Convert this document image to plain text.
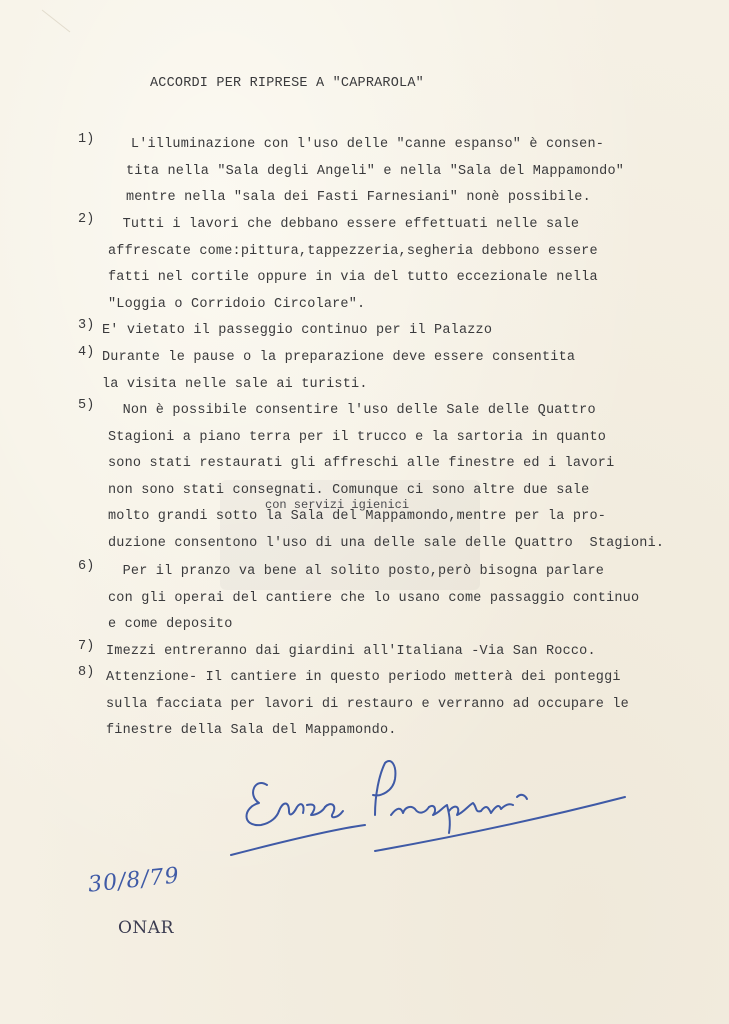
ACCORDI PER RIPRESE A "CAPRAROLA"
1) L'illuminazione con l'uso delle "canne espanso" è consen-
tita nella "Sala degli Angeli" e nella "Sala del Mappamondo"
mentre nella "sala dei Fasti Farnesiani" nonè possibile.
2) Tutti i lavori che debbano essere effettuati nelle sale
affrescate come:pittura,tappezzeria,segheria debbono essere
fatti nel cortile oppure in via del tutto eccezionale nella
"Loggia o Corridoio Circolare".
3) E' vietato il passeggio continuo per il Palazzo
4) Durante le pause o la preparazione deve essere consentita
la visita nelle sale ai turisti.
5) Non è possibile consentire l'uso delle Sale delle Quattro
Stagioni a piano terra per il trucco e la sartoria in quanto
sono stati restaurati gli affreschi alle finestre ed i lavori
non sono stati consegnati. Comunque ci sono altre due sale
molto grandi sotto la Sala del Mappamondo,mentre per la pro-
duzione consentono l'uso di una delle sale delle Quattro  Stagioni.
con servizi igienici
6) Per il pranzo va bene al solito posto,però bisogna parlare
con gli operai del cantiere che lo usano come passaggio continuo
e come deposito
7) Imezzi entreranno dai giardini all'Italiana -Via San Rocco.
8) Attenzione- Il cantiere in questo periodo metterà dei ponteggi
sulla facciata per lavori di restauro e verranno ad occupare le
finestre della Sala del Mappamondo.
30/8/79
ONAR
